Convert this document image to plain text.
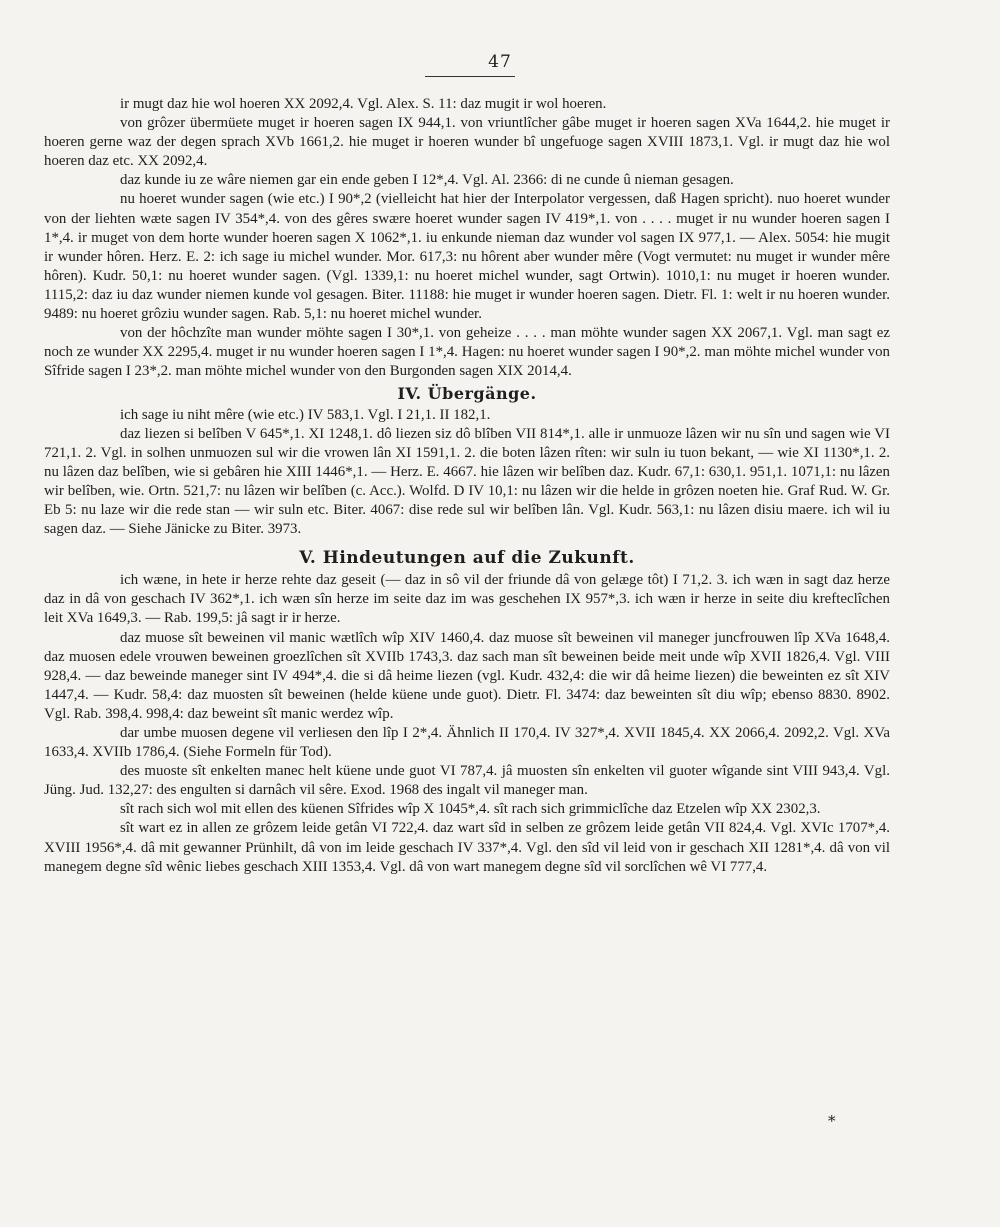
47

ir mugt daz hie wol hoeren XX 2092,4. Vgl. Alex. S. 11: daz mugit ir wol hoeren.

von grôzer übermüete muget ir hoeren sagen IX 944,1. von vriuntlîcher gâbe muget ir hoeren sagen XVa 1644,2. hie muget ir hoeren gerne waz der degen sprach XVb 1661,2. hie muget ir hoeren wunder bî ungefuoge sagen XVIII 1873,1. Vgl. ir mugt daz hie wol hoeren daz etc. XX 2092,4.

daz kunde iu ze wâre niemen gar ein ende geben I 12*,4. Vgl. Al. 2366: di ne cunde û nieman gesagen.

nu hoeret wunder sagen (wie etc.) I 90*,2 (vielleicht hat hier der Interpolator vergessen, daß Hagen spricht). nuo hoeret wunder von der liehten wæte sagen IV 354*,4. von des gêres swære hoeret wunder sagen IV 419*,1. von . . . . muget ir nu wunder hoeren sagen I 1*,4. ir muget von dem horte wunder hoeren sagen X 1062*,1. iu enkunde nieman daz wunder vol sagen IX 977,1. — Alex. 5054: hie mugit ir wunder hôren. Herz. E. 2: ich sage iu michel wunder. Mor. 617,3: nu hôrent aber wunder mêre (Vogt vermutet: nu muget ir wunder mêre hôren). Kudr. 50,1: nu hoeret wunder sagen. (Vgl. 1339,1: nu hoeret michel wunder, sagt Ortwin). 1010,1: nu muget ir hoeren wunder. 1115,2: daz iu daz wunder niemen kunde vol gesagen. Biter. 11188: hie muget ir wunder hoeren sagen. Dietr. Fl. 1: welt ir nu hoeren wunder. 9489: nu hoeret grôziu wunder sagen. Rab. 5,1: nu hoeret michel wunder.

von der hôchzîte man wunder möhte sagen I 30*,1. von geheize . . . . man möhte wunder sagen XX 2067,1. Vgl. man sagt ez noch ze wunder XX 2295,4. muget ir nu wunder hoeren sagen I 1*,4. Hagen: nu hoeret wunder sagen I 90*,2. man möhte michel wunder von Sîfride sagen I 23*,2. man möhte michel wunder von den Burgonden sagen XIX 2014,4.

IV. Übergänge.

ich sage iu niht mêre (wie etc.) IV 583,1. Vgl. I 21,1. II 182,1.

daz liezen si belîben V 645*,1. XI 1248,1. dô liezen siz dô blîben VII 814*,1. alle ir unmuoze lâzen wir nu sîn und sagen wie VI 721,1. 2. Vgl. in solhen unmuozen sul wir die vrowen lân XI 1591,1. 2. die boten lâzen rîten: wir suln iu tuon bekant, — wie XI 1130*,1. 2. nu lâzen daz belîben, wie si gebâren hie XIII 1446*,1. — Herz. E. 4667. hie lâzen wir belîben daz. Kudr. 67,1: 630,1. 951,1. 1071,1: nu lâzen wir belîben, wie. Ortn. 521,7: nu lâzen wir belîben (c. Acc.). Wolfd. D IV 10,1: nu lâzen wir die helde in grôzen noeten hie. Graf Rud. W. Gr. Eb 5: nu laze wir die rede stan — wir suln etc. Biter. 4067: dise rede sul wir belîben lân. Vgl. Kudr. 563,1: nu lâzen disiu maere. ich wil iu sagen daz. — Siehe Jänicke zu Biter. 3973.

V. Hindeutungen auf die Zukunft.

ich wæne, in hete ir herze rehte daz geseit (— daz in sô vil der friunde dâ von gelæge tôt) I 71,2. 3. ich wæn in sagt daz herze daz in dâ von geschach IV 362*,1. ich wæn sîn herze im seite daz im was geschehen IX 957*,3. ich wæn ir herze in seite diu krefteclîchen leit XVa 1649,3. — Rab. 199,5: jâ sagt ir ir herze.

daz muose sît beweinen vil manic wætlîch wîp XIV 1460,4. daz muose sît beweinen vil maneger juncfrouwen lîp XVa 1648,4. daz muosen edele vrouwen beweinen groezlîchen sît XVIIb 1743,3. daz sach man sît beweinen beide meit unde wîp XVII 1826,4. Vgl. VIII 928,4. — daz beweinde maneger sint IV 494*,4. die si dâ heime liezen (vgl. Kudr. 432,4: die wir dâ heime liezen) die beweinten ez sît XIV 1447,4. — Kudr. 58,4: daz muosten sît beweinen (helde küene unde guot). Dietr. Fl. 3474: daz beweinten sît diu wîp; ebenso 8830. 8902. Vgl. Rab. 398,4. 998,4: daz beweint sît manic werdez wîp.

dar umbe muosen degene vil verliesen den lîp I 2*,4. Ähnlich II 170,4. IV 327*,4. XVII 1845,4. XX 2066,4. 2092,2. Vgl. XVa 1633,4. XVIIb 1786,4. (Siehe Formeln für Tod).

des muoste sît enkelten manec helt küene unde guot VI 787,4. jâ muosten sîn enkelten vil guoter wîgande sint VIII 943,4. Vgl. Jüng. Jud. 132,27: des engulten si darnâch vil sêre. Exod. 1968 des ingalt vil maneger man.

sît rach sich wol mit ellen des küenen Sîfrides wîp X 1045*,4. sît rach sich grimmiclîche daz Etzelen wîp XX 2302,3.

sît wart ez in allen ze grôzem leide getân VI 722,4. daz wart sîd in selben ze grôzem leide getân VII 824,4. Vgl. XVIc 1707*,4. XVIII 1956*,4. dâ mit gewanner Prünhilt, dâ von im leide geschach IV 337*,4. Vgl. den sîd vil leid von ir geschach XII 1281*,4. dâ von vil manegem degne sîd wênic liebes geschach XIII 1353,4. Vgl. dâ von wart manegem degne sîd vil sorclîchen wê VI 777,4.

*
